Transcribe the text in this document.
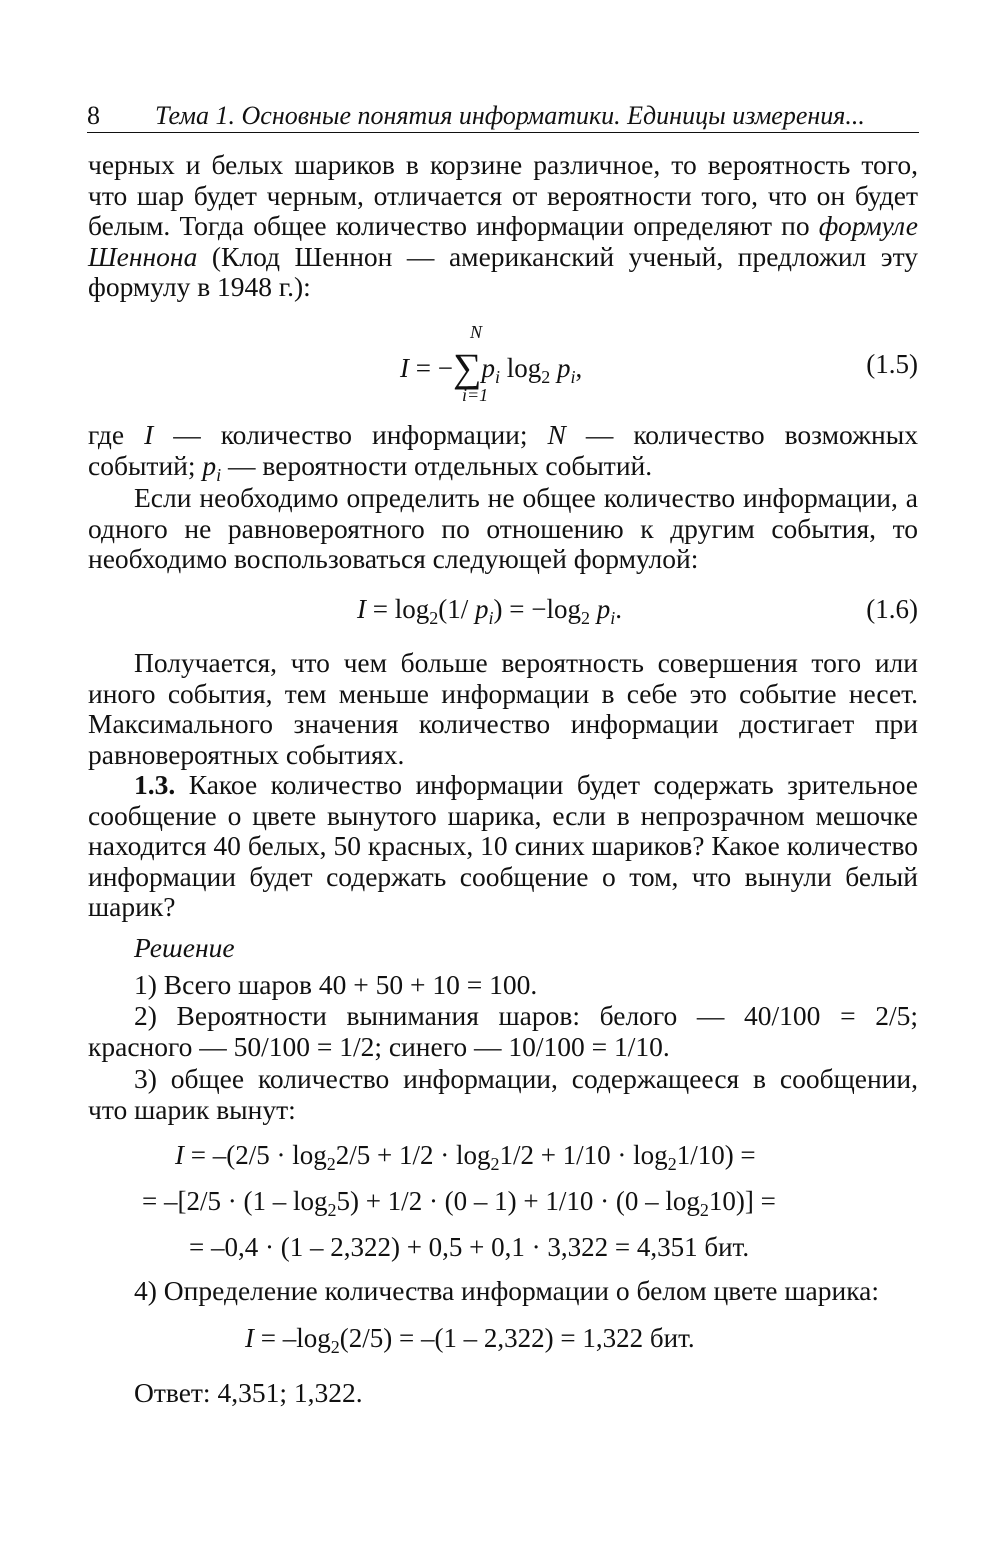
8 Тема 1. Основные понятия информатики. Единицы измерения...

черных и белых шариков в корзине различное, то вероятность того, что шар будет черным, отличается от вероятности того, что он будет белым. Тогда общее количество информации определяют по формуле Шеннона (Клод Шеннон — американский ученый, предложил эту формулу в 1948 г.):

N
i=1
$I = -\sum p_i$ $\log_2 p_i$,	(1.5)

где I — количество информации; N — количество возможных событий; $p_i$ — вероятности отдельных событий.

Если необходимо определить не общее количество информации, а одного не равновероятного по отношению к другим события, то необходимо воспользоваться следующей формулой:

$I = \log_2(1/$ $p_i) = -\log_2$ $p_i$.	(1.6)

Получается, что чем больше вероятность совершения того или иного события, тем меньше информации в себе это событие несет. Максимального значения количество информации достигает при равновероятных событиях.

1.3. Какое количество информации будет содержать зрительное сообщение о цвете вынутого шарика, если в непрозрачном мешочке находится 40 белых, 50 красных, 10 синих шариков? Какое количество информации будет содержать сообщение о том, что вынули белый шарик?

Решение
1) Всего шаров 40 + 50 + 10 = 100.

2) Вероятности вынимания шаров: белого — 40/100 = 2/5; красного — 50/100 = 1/2; синего — 10/100 = 1/10.

3) общее количество информации, содержащееся в сообщении, что шарик вынут:

$I = -(2/5 \cdot \log_22/5 + 1/2 \cdot \log_21/2 + 1/10 \cdot \log_21/10)$ =
= $-[2/5 \cdot (1 - \log_25) + 1/2 \cdot (0 - 1) + 1/10 \cdot (0 - \log_210)]$ =
= –0,4 · (1 – 2,322) + 0,5 + 0,1 · 3,322 = 4,351 бит.
4) Определение количества информации о белом цвете шарика:
$I = -\log_2(2/5) = -(1 - 2,322) = 1,322$ бит.
Ответ: 4,351; 1,322.
